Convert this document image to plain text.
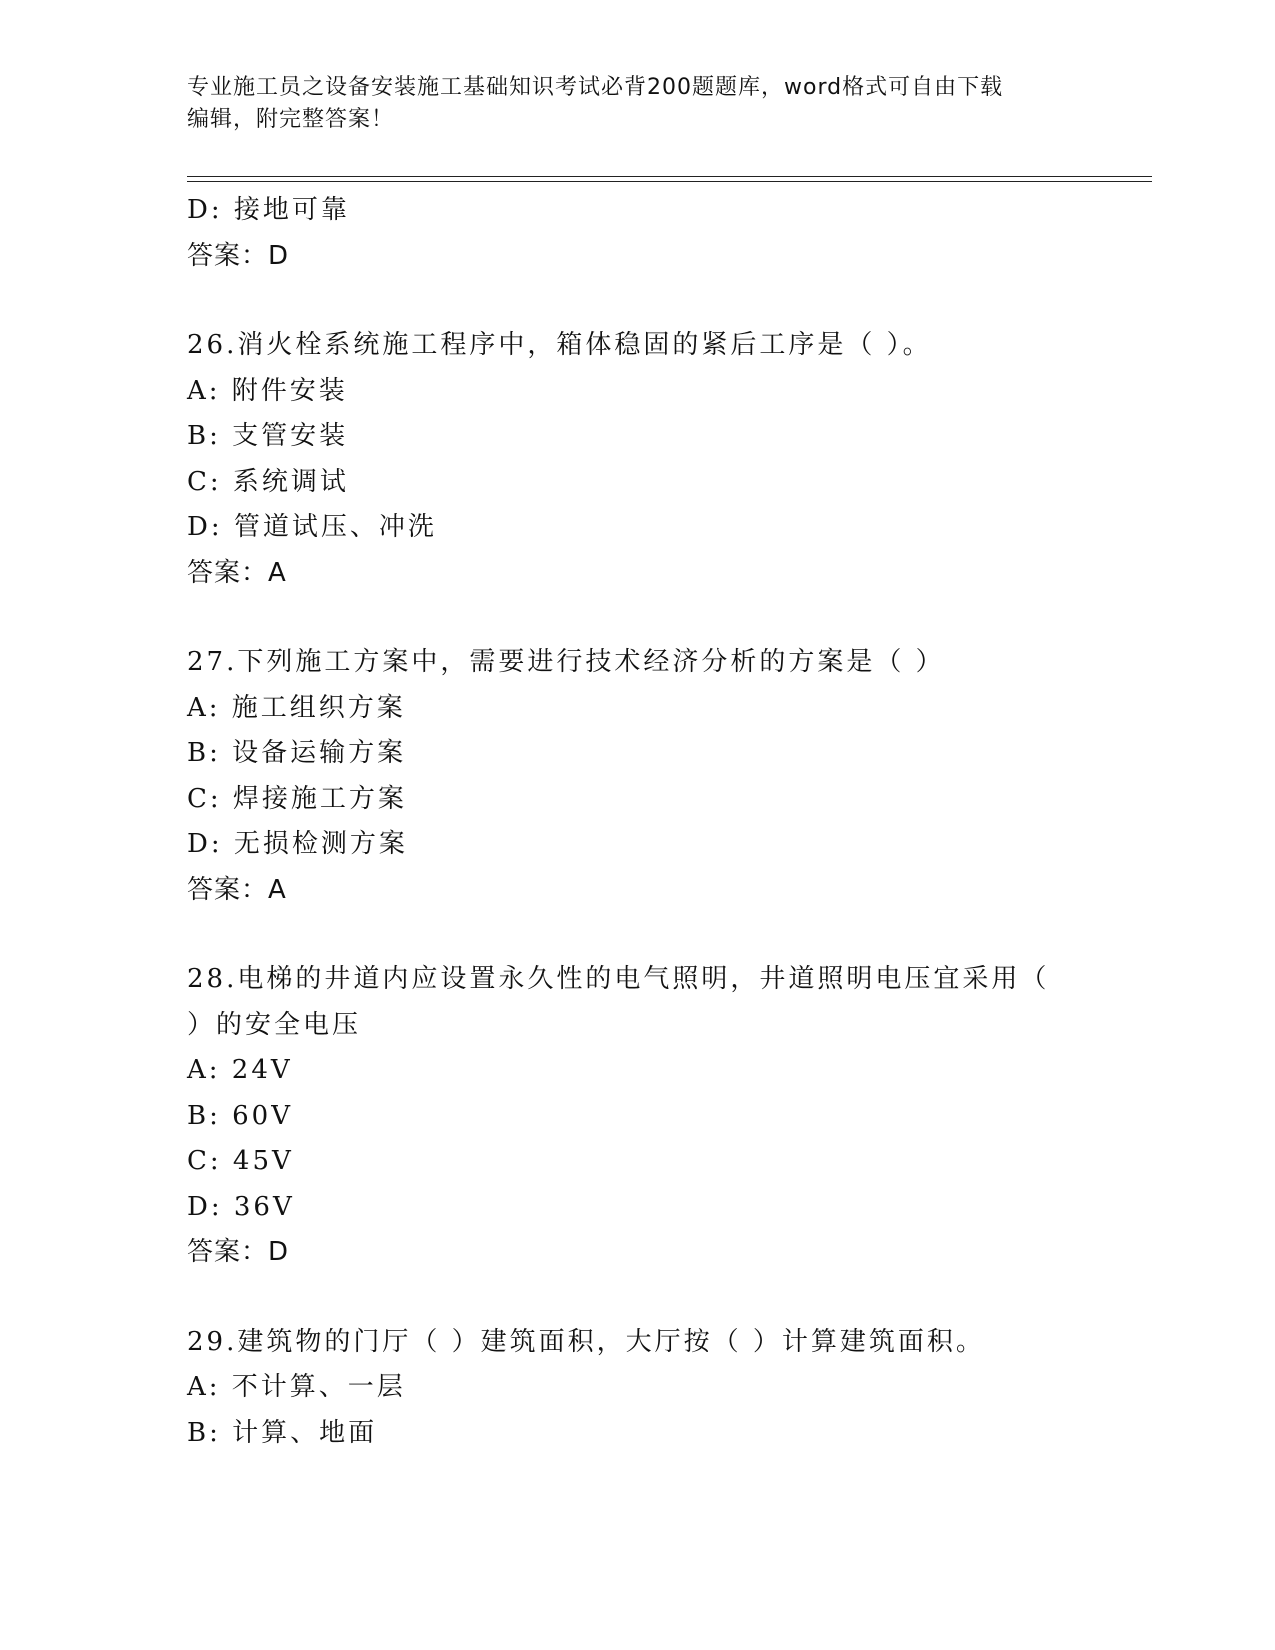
专业施工员之设备安装施工基础知识考试必背200题题库，word格式可自由下载
编辑，附完整答案！
D: 接地可靠
答案：D
26.消火栓系统施工程序中，箱体稳固的紧后工序是（ ）。
A: 附件安装
B: 支管安装
C: 系统调试
D: 管道试压、冲洗
答案：A
27.下列施工方案中，需要进行技术经济分析的方案是（ ）
A: 施工组织方案
B: 设备运输方案
C: 焊接施工方案
D: 无损检测方案
答案：A
28.电梯的井道内应设置永久性的电气照明，井道照明电压宜采用（
）的安全电压
A: 24V
B: 60V
C: 45V
D: 36V
答案：D
29.建筑物的门厅（ ）建筑面积，大厅按（ ）计算建筑面积。
A: 不计算、一层
B: 计算、地面
